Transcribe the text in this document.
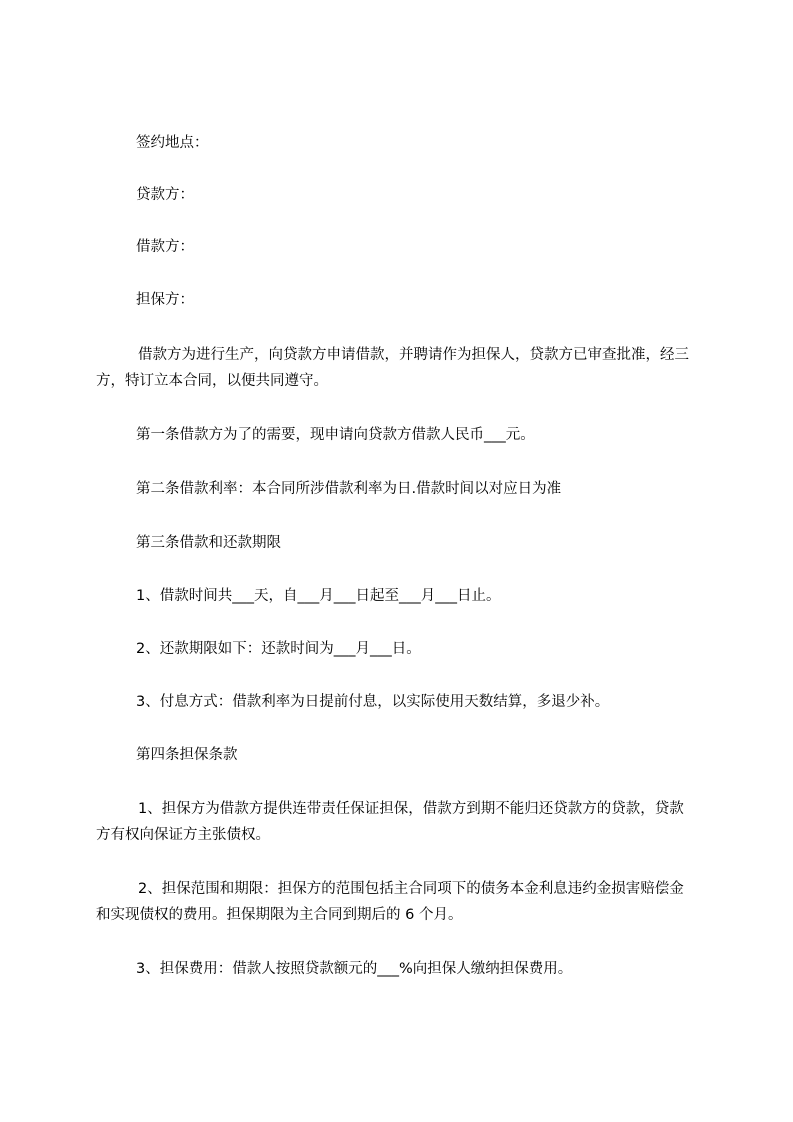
签约地点：
贷款方：
借款方：
担保方：
借款方为进行生产，向贷款方申请借款，并聘请作为担保人，贷款方已审查批准，经三方，特订立本合同，以便共同遵守。
第一条借款方为了的需要，现申请向贷款方借款人民币___元。
第二条借款利率：本合同所涉借款利率为日.借款时间以对应日为准
第三条借款和还款期限
1、借款时间共___天，自___月___日起至___月___日止。
2、还款期限如下：还款时间为___月___日。
3、付息方式：借款利率为日提前付息，以实际使用天数结算，多退少补。
第四条担保条款
1、担保方为借款方提供连带责任保证担保，借款方到期不能归还贷款方的贷款，贷款方有权向保证方主张债权。
2、担保范围和期限：担保方的范围包括主合同项下的债务本金利息违约金损害赔偿金和实现债权的费用。担保期限为主合同到期后的 6 个月。
3、担保费用：借款人按照贷款额元的___%向担保人缴纳担保费用。
